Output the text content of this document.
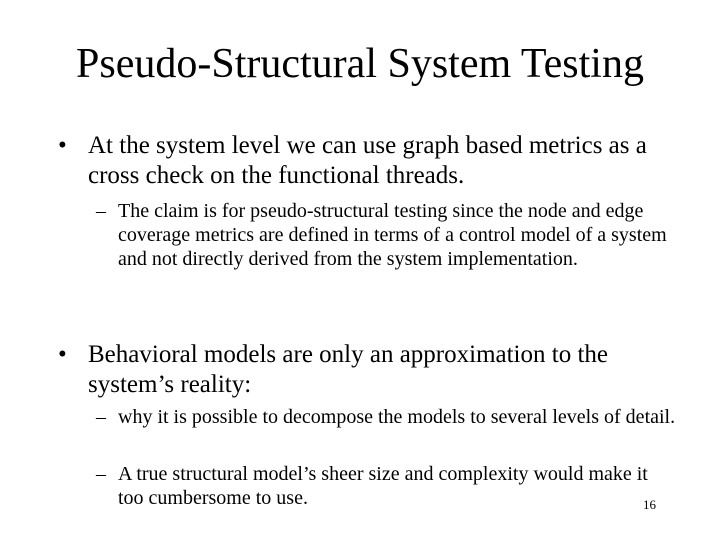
Pseudo-Structural System Testing
• At the system level we can use graph based metrics as a cross check on the functional threads.
– The claim is for pseudo-structural testing since the node and edge coverage metrics are defined in terms of a control model of a system and not directly derived from the system implementation.
• Behavioral models are only an approximation to the system’s reality:
– why it is possible to decompose the models to several levels of detail.
– A true structural model’s sheer size and complexity would make it too cumbersome to use.	16
